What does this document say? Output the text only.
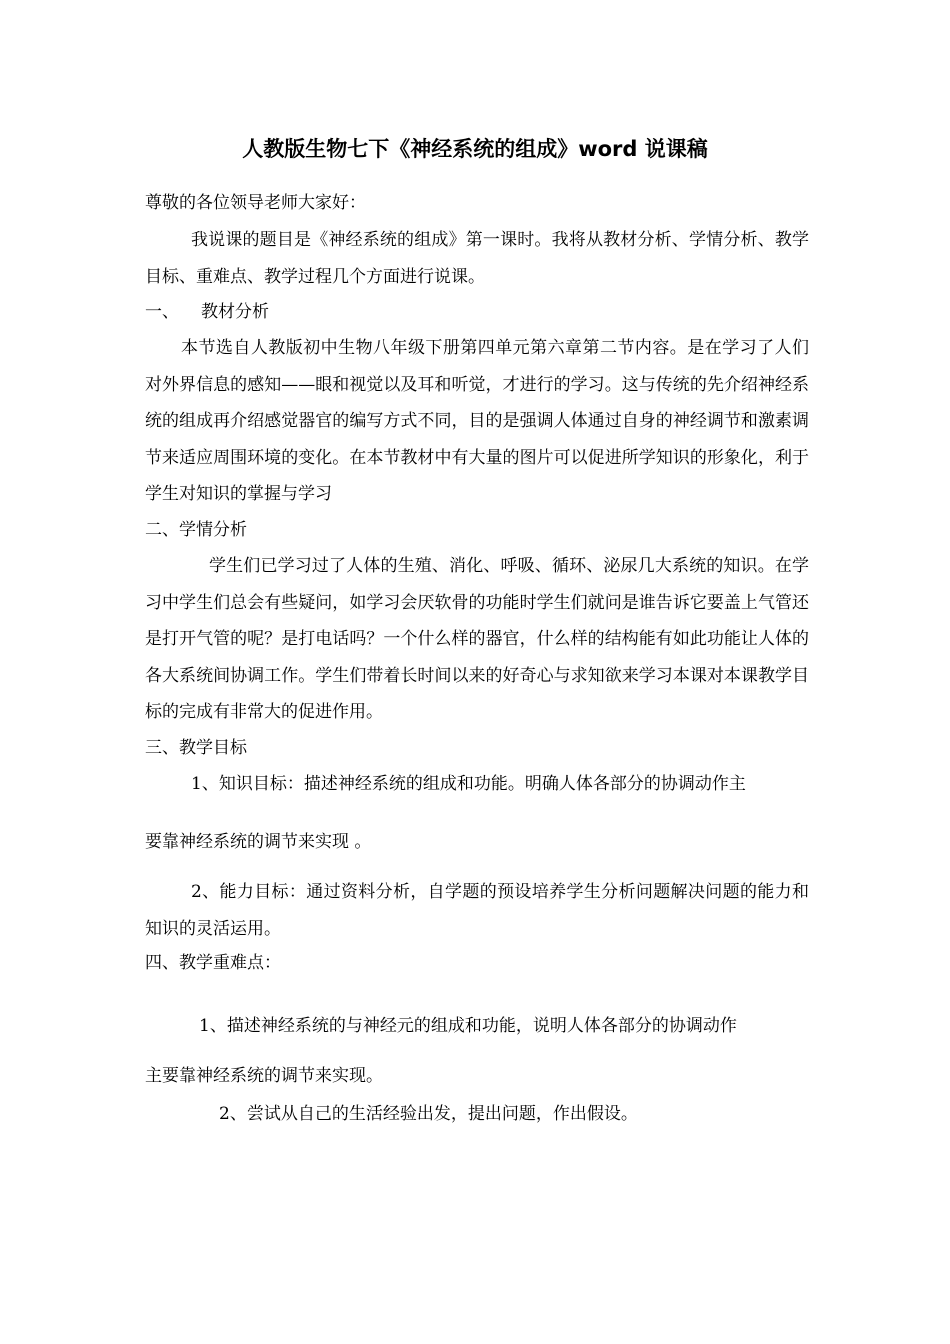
人教版生物七下《神经系统的组成》word 说课稿
尊敬的各位领导老师大家好：
我说课的题目是《神经系统的组成》第一课时。我将从教材分析、学情分析、教学目标、重难点、教学过程几个方面进行说课。
一、 教材分析
本节选自人教版初中生物八年级下册第四单元第六章第二节内容。是在学习了人们对外界信息的感知——眼和视觉以及耳和听觉，才进行的学习。这与传统的先介绍神经系统的组成再介绍感觉器官的编写方式不同，目的是强调人体通过自身的神经调节和激素调节来适应周围环境的变化。在本节教材中有大量的图片可以促进所学知识的形象化，利于学生对知识的掌握与学习
二、学情分析
学生们已学习过了人体的生殖、消化、呼吸、循环、泌尿几大系统的知识。在学习中学生们总会有些疑问，如学习会厌软骨的功能时学生们就问是谁告诉它要盖上气管还是打开气管的呢？是打电话吗？一个什么样的器官，什么样的结构能有如此功能让人体的各大系统间协调工作。学生们带着长时间以来的好奇心与求知欲来学习本课对本课教学目标的完成有非常大的促进作用。
三、教学目标
1、知识目标：描述神经系统的组成和功能。明确人体各部分的协调动作主
要靠神经系统的调节来实现 。
2、能力目标：通过资料分析，自学题的预设培养学生分析问题解决问题的能力和知识的灵活运用。
四、教学重难点：
1、描述神经系统的与神经元的组成和功能，说明人体各部分的协调动作
主要靠神经系统的调节来实现。
2、尝试从自己的生活经验出发，提出问题，作出假设。
